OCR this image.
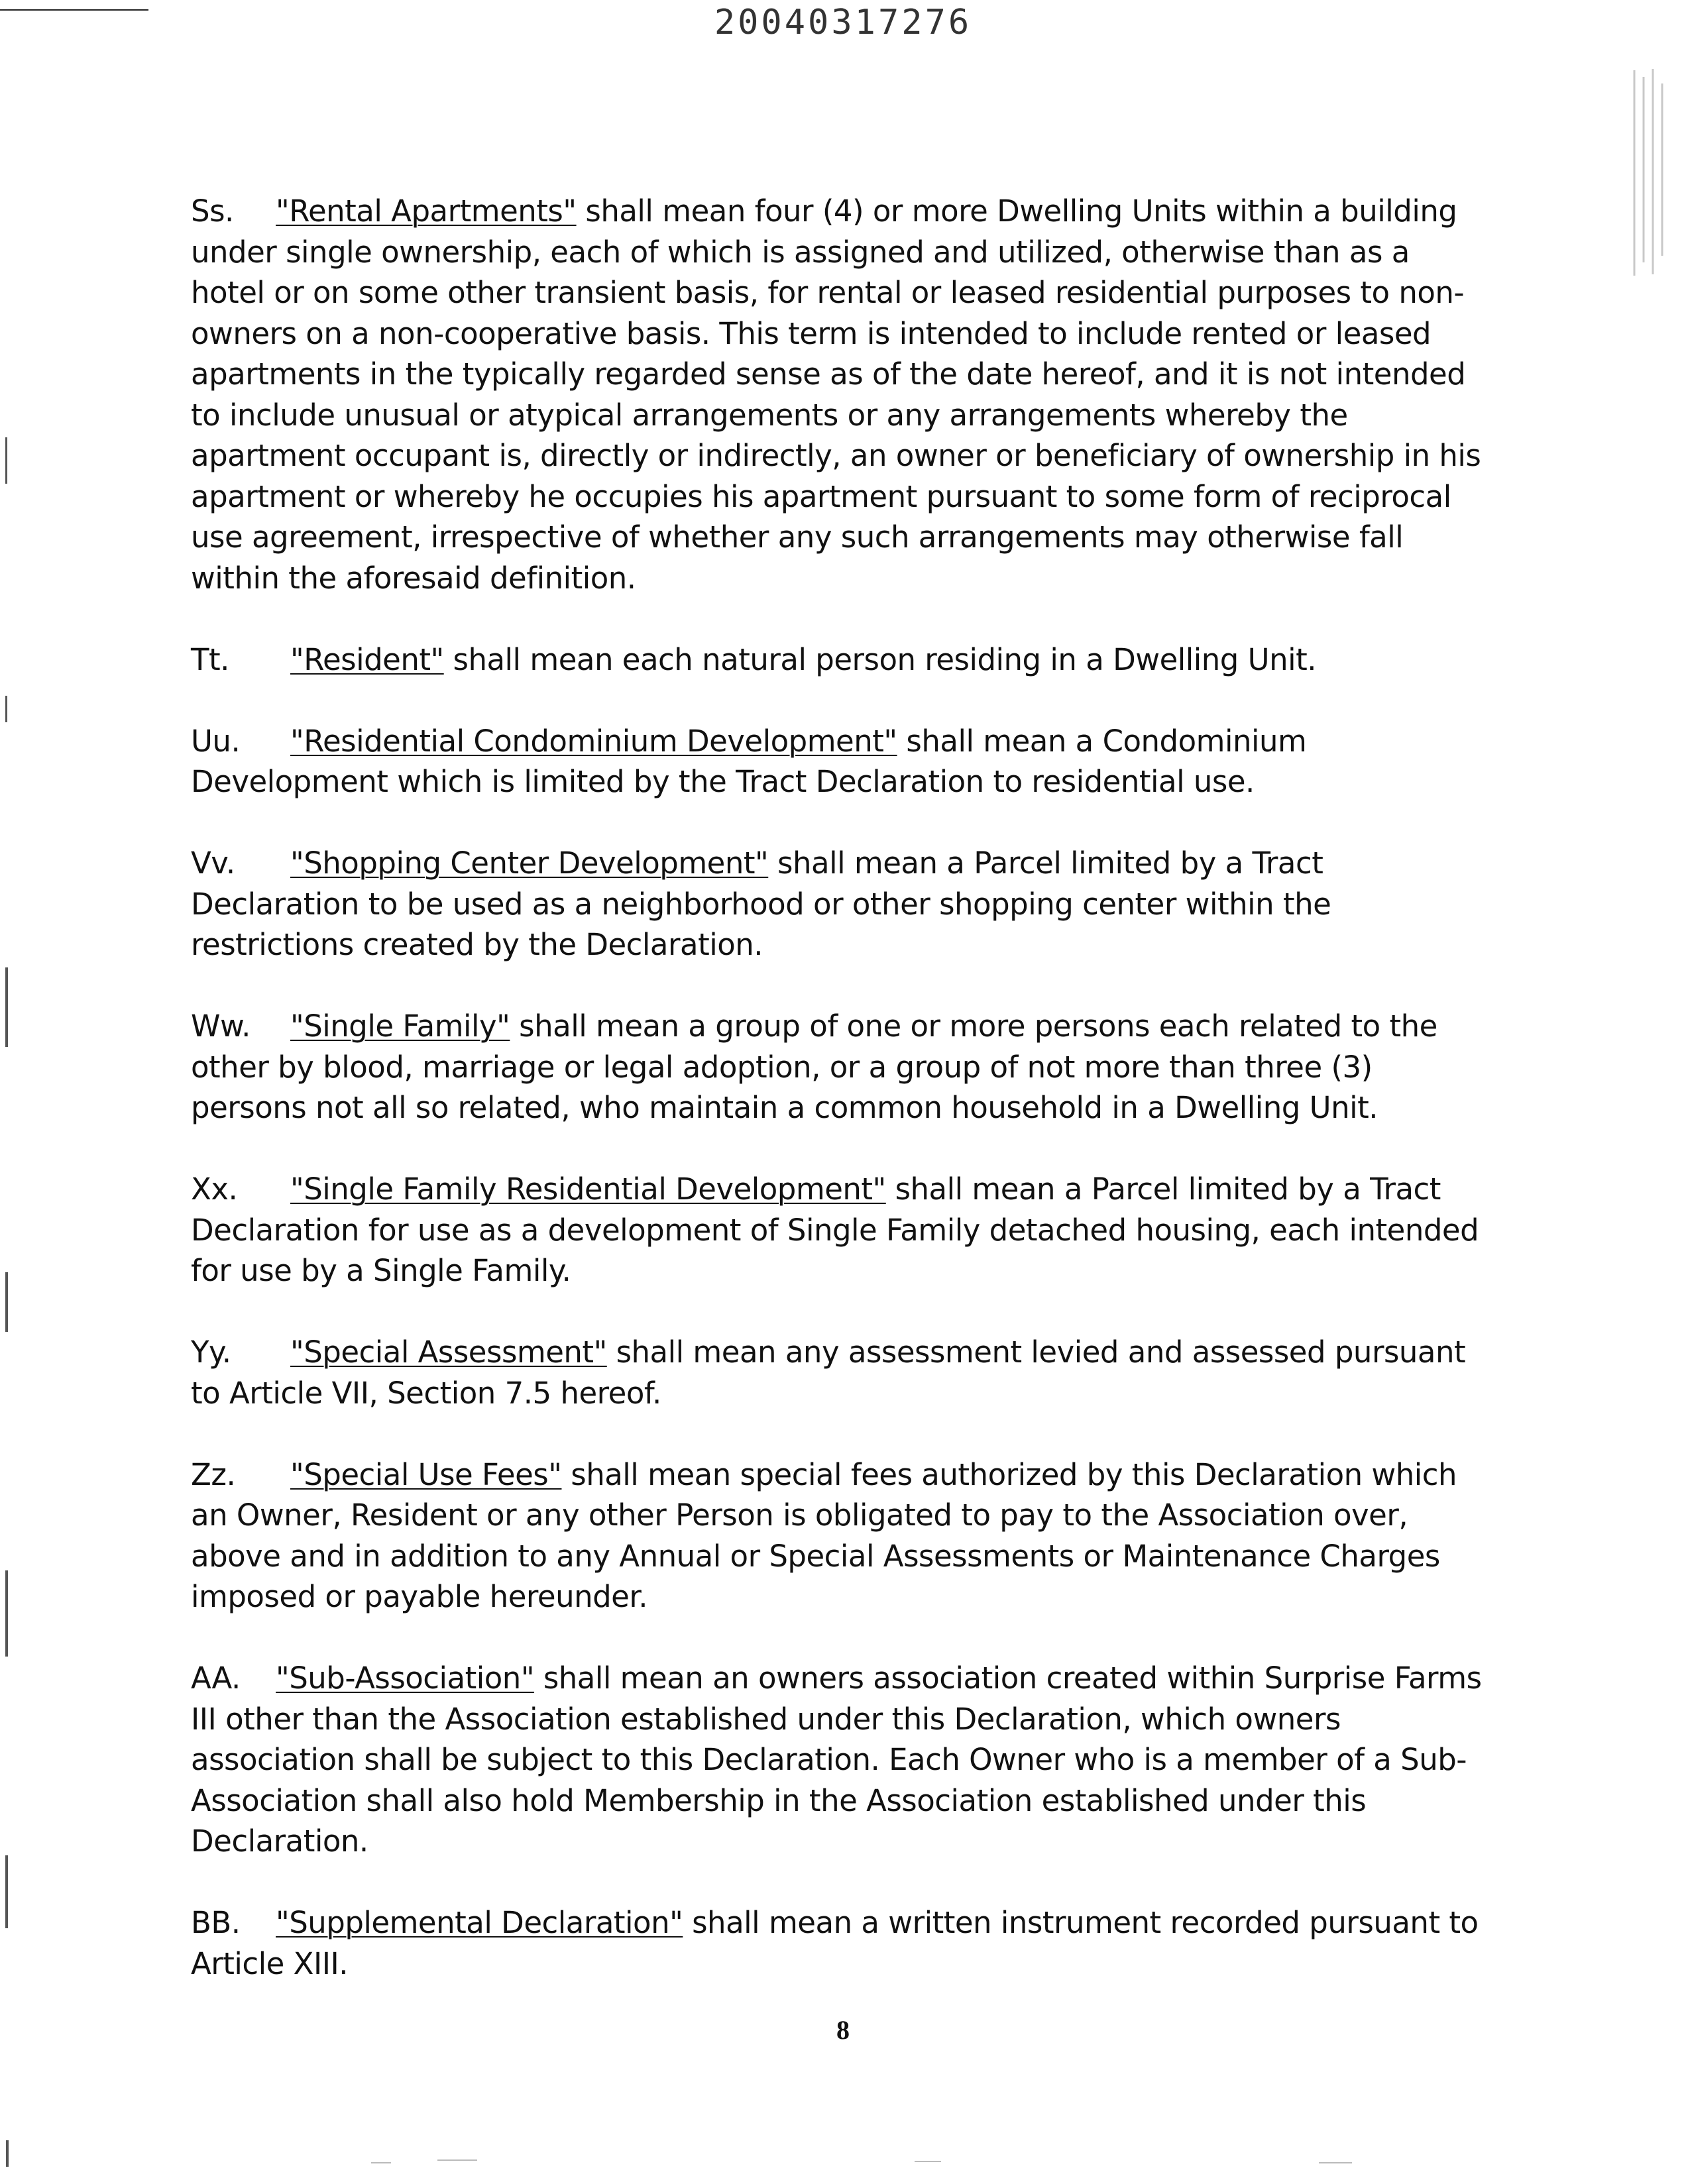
20040317276

Ss. "Rental Apartments" shall mean four (4) or more Dwelling Units within a building under single ownership, each of which is assigned and utilized, otherwise than as a hotel or on some other transient basis, for rental or leased residential purposes to non-owners on a non-cooperative basis. This term is intended to include rented or leased apartments in the typically regarded sense as of the date hereof, and it is not intended to include unusual or atypical arrangements or any arrangements whereby the apartment occupant is, directly or indirectly, an owner or beneficiary of ownership in his apartment or whereby he occupies his apartment pursuant to some form of reciprocal use agreement, irrespective of whether any such arrangements may otherwise fall within the aforesaid definition.

Tt. "Resident" shall mean each natural person residing in a Dwelling Unit.

Uu. "Residential Condominium Development" shall mean a Condominium Development which is limited by the Tract Declaration to residential use.

Vv. "Shopping Center Development" shall mean a Parcel limited by a Tract Declaration to be used as a neighborhood or other shopping center within the restrictions created by the Declaration.

Ww. "Single Family" shall mean a group of one or more persons each related to the other by blood, marriage or legal adoption, or a group of not more than three (3) persons not all so related, who maintain a common household in a Dwelling Unit.

Xx. "Single Family Residential Development" shall mean a Parcel limited by a Tract Declaration for use as a development of Single Family detached housing, each intended for use by a Single Family.

Yy. "Special Assessment" shall mean any assessment levied and assessed pursuant to Article VII, Section 7.5 hereof.

Zz. "Special Use Fees" shall mean special fees authorized by this Declaration which an Owner, Resident or any other Person is obligated to pay to the Association over, above and in addition to any Annual or Special Assessments or Maintenance Charges imposed or payable hereunder.

AA. "Sub-Association" shall mean an owners association created within Surprise Farms III other than the Association established under this Declaration, which owners association shall be subject to this Declaration. Each Owner who is a member of a Sub-Association shall also hold Membership in the Association established under this Declaration.

BB. "Supplemental Declaration" shall mean a written instrument recorded pursuant to Article XIII.

8
